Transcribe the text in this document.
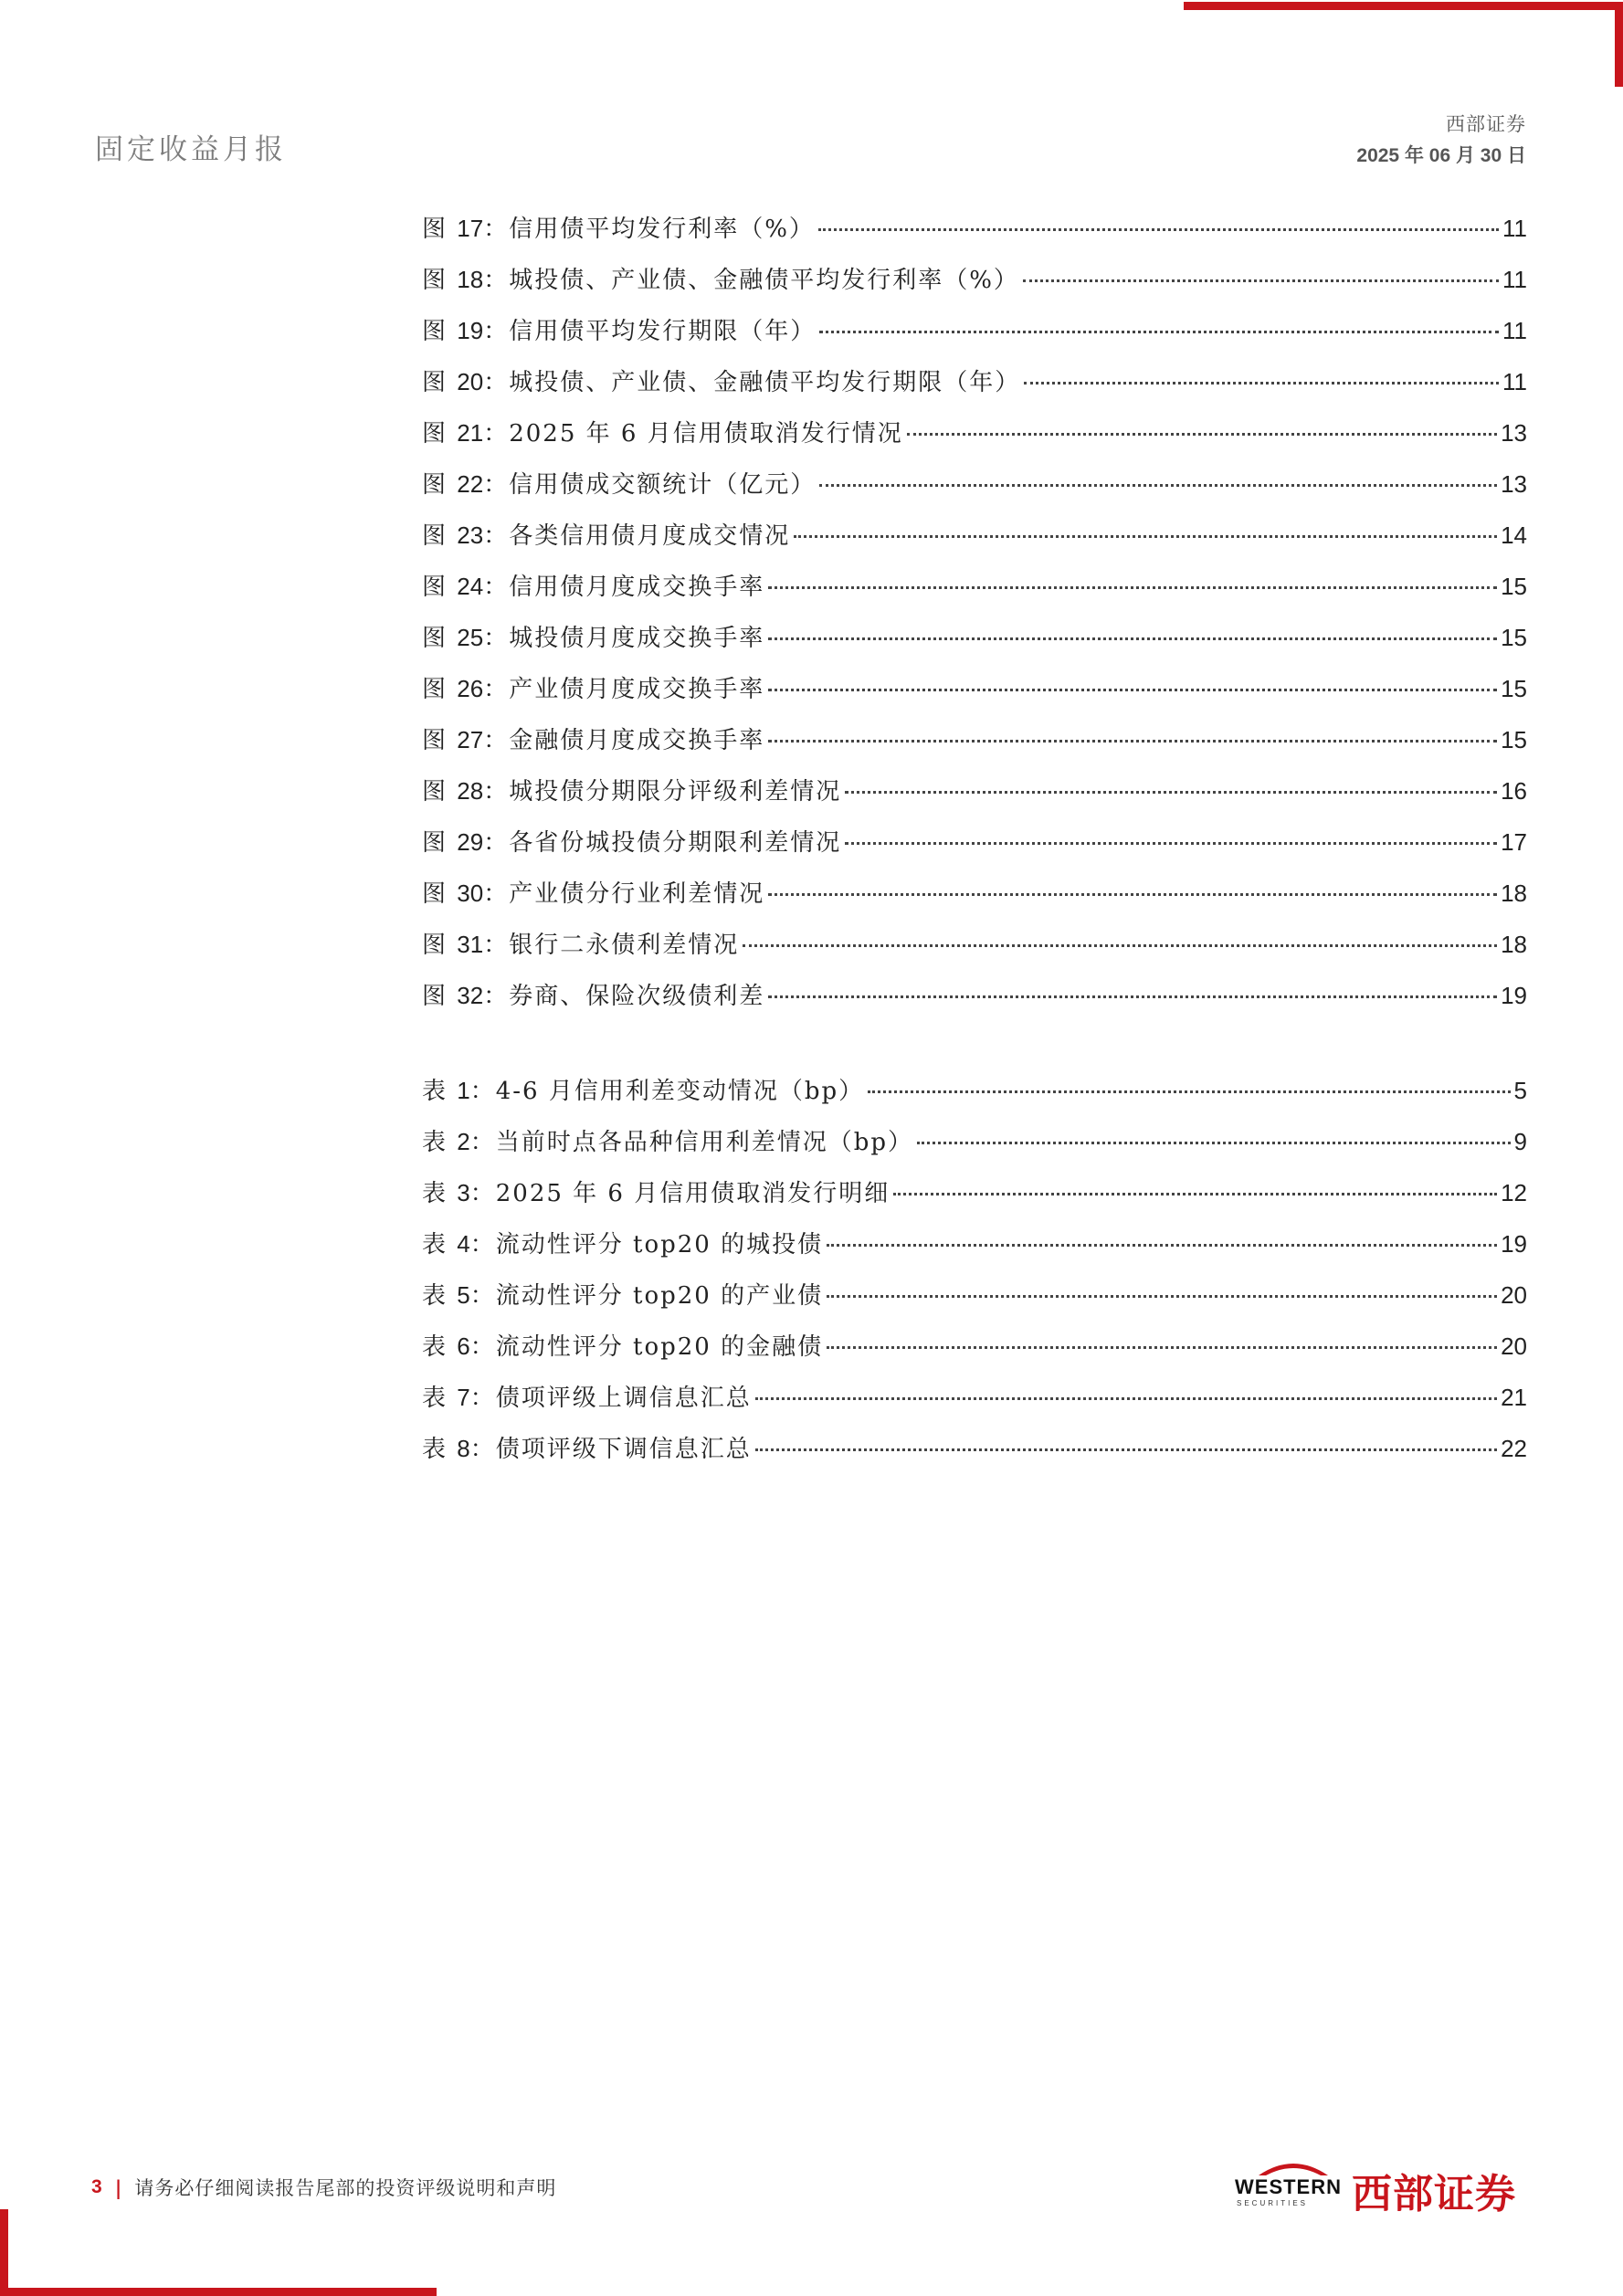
固定收益月报
西部证券
2025 年 06 月 30 日
图 17：信用债平均发行利率（%）	11
图 18：城投债、产业债、金融债平均发行利率（%）	11
图 19：信用债平均发行期限（年）	11
图 20：城投债、产业债、金融债平均发行期限（年）	11
图 21：2025 年 6 月信用债取消发行情况	13
图 22：信用债成交额统计（亿元）	13
图 23：各类信用债月度成交情况	14
图 24：信用债月度成交换手率	15
图 25：城投债月度成交换手率	15
图 26：产业债月度成交换手率	15
图 27：金融债月度成交换手率	15
图 28：城投债分期限分评级利差情况	16
图 29：各省份城投债分期限利差情况	17
图 30：产业债分行业利差情况	18
图 31：银行二永债利差情况	18
图 32：券商、保险次级债利差	19
表 1：4-6 月信用利差变动情况（bp）	5
表 2：当前时点各品种信用利差情况（bp）	9
表 3：2025 年 6 月信用债取消发行明细	12
表 4：流动性评分 top20 的城投债	19
表 5：流动性评分 top20 的产业债	20
表 6：流动性评分 top20 的金融债	20
表 7：债项评级上调信息汇总	21
表 8：债项评级下调信息汇总	22
3 | 请务必仔细阅读报告尾部的投资评级说明和声明	WESTERN
SECURITIES 西部证券
